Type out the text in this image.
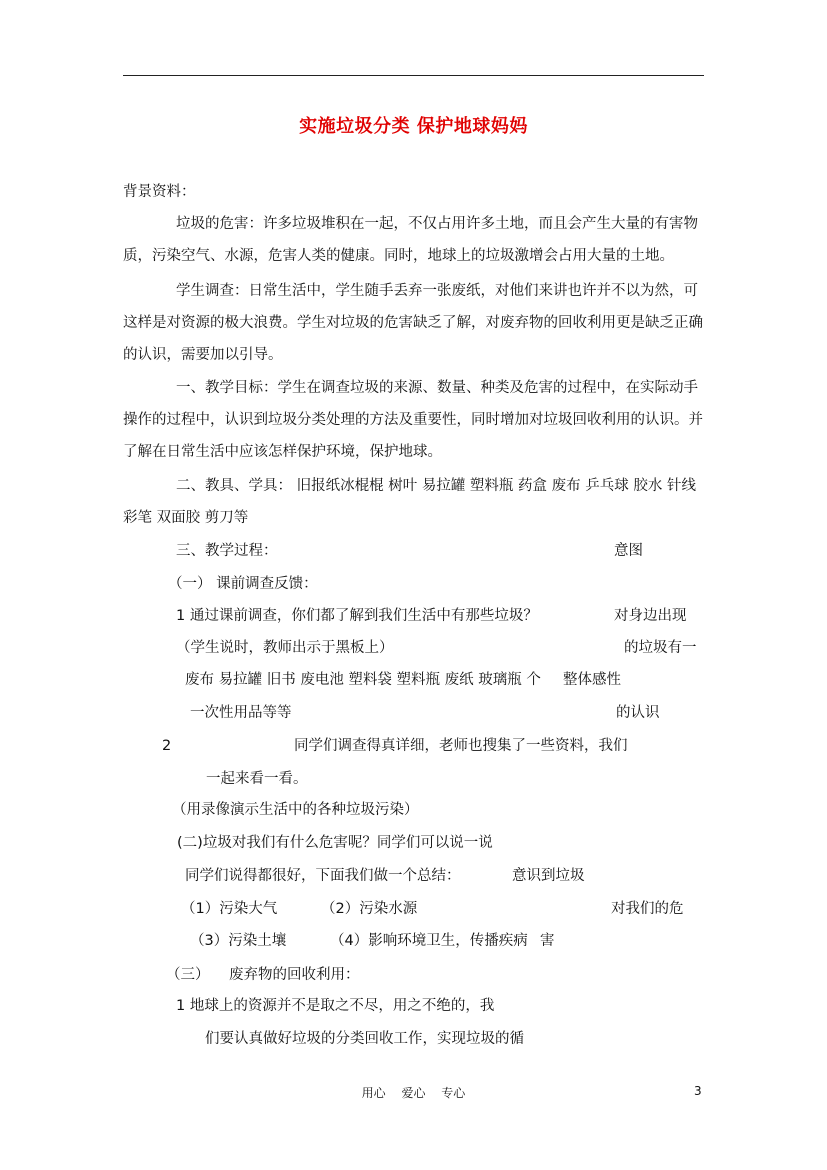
实施垃圾分类 保护地球妈妈
背景资料：
垃圾的危害：许多垃圾堆积在一起，不仅占用许多土地，而且会产生大量的有害物
质，污染空气、水源，危害人类的健康。同时，地球上的垃圾激增会占用大量的土地。
学生调查：日常生活中，学生随手丢弃一张废纸，对他们来讲也许并不以为然，可
这样是对资源的极大浪费。学生对垃圾的危害缺乏了解，对废弃物的回收利用更是缺乏正确
的认识，需要加以引导。
一、教学目标：学生在调查垃圾的来源、数量、种类及危害的过程中，在实际动手
操作的过程中，认识到垃圾分类处理的方法及重要性，同时增加对垃圾回收利用的认识。并
了解在日常生活中应该怎样保护环境，保护地球。
二、教具、学具： 旧报纸冰棍棍 树叶 易拉罐 塑料瓶 药盒 废布 乒乓球 胶水 针线
彩笔 双面胶 剪刀等
三、教学过程：
（一） 课前调查反馈：
1 通过课前调查，你们都了解到我们生活中有那些垃圾？
（学生说时，教师出示于黑板上）
废布 易拉罐 旧书 废电池 塑料袋 塑料瓶 废纸 玻璃瓶 个
一次性用品等等
2	同学们调查得真详细，老师也搜集了一些资料，我们
一起来看一看。
（用录像演示生活中的各种垃圾污染）
(二)垃圾对我们有什么危害呢？同学们可以说一说
同学们说得都很好，下面我们做一个总结：
（1）污染大气	（2）污染水源
（3）污染土壤	（4）影响环境卫生，传播疾病
（三） 废弃物的回收利用：
1 地球上的资源并不是取之不尽，用之不绝的，我
们要认真做好垃圾的分类回收工作，实现垃圾的循
意图
对身边出现
的垃圾有一
整体感性
的认识
意识到垃圾
对我们的危
害
用心 爱心 专心	3
